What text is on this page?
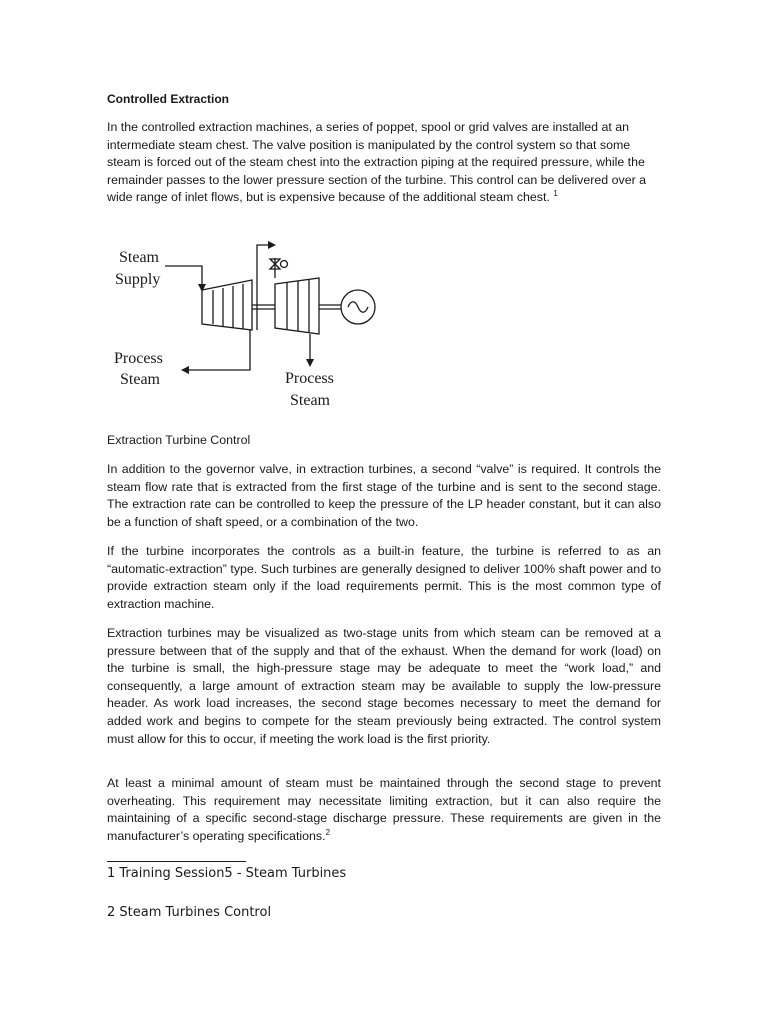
Controlled Extraction
In the controlled extraction machines, a series of poppet, spool or grid valves are installed at an intermediate steam chest. The valve position is manipulated by the control system so that some steam is forced out of the steam chest into the extraction piping at the required pressure, while the remainder passes to the lower pressure section of the turbine. This control can be delivered over a wide range of inlet flows, but is expensive because of the additional steam chest. $^1$
Steam
Supply
Process
Steam	Process
Steam
Extraction Turbine Control
In addition to the governor valve, in extraction turbines, a second “valve” is required. It controls the steam flow rate that is extracted from the first stage of the turbine and is sent to the second stage. The extraction rate can be controlled to keep the pressure of the LP header constant, but it can also be a function of shaft speed, or a combination of the two.
If the turbine incorporates the controls as a built-in feature, the turbine is referred to as an “automatic-extraction” type. Such turbines are generally designed to deliver 100% shaft power and to provide extraction steam only if the load requirements permit. This is the most common type of extraction machine.
Extraction turbines may be visualized as two-stage units from which steam can be removed at a pressure between that of the supply and that of the exhaust. When the demand for work (load) on the turbine is small, the high-pressure stage may be adequate to meet the “work load,” and consequently, a large amount of extraction steam may be available to supply the low-pressure header. As work load increases, the second stage becomes necessary to meet the demand for added work and begins to compete for the steam previously being extracted. The control system must allow for this to occur, if meeting the work load is the first priority.
At least a minimal amount of steam must be maintained through the second stage to prevent overheating. This requirement may necessitate limiting extraction, but it can also require the maintaining of a specific second-stage discharge pressure. These requirements are given in the manufacturer’s operating specifications.$^2$
1 Training Session5 - Steam Turbines
2 Steam Turbines Control
